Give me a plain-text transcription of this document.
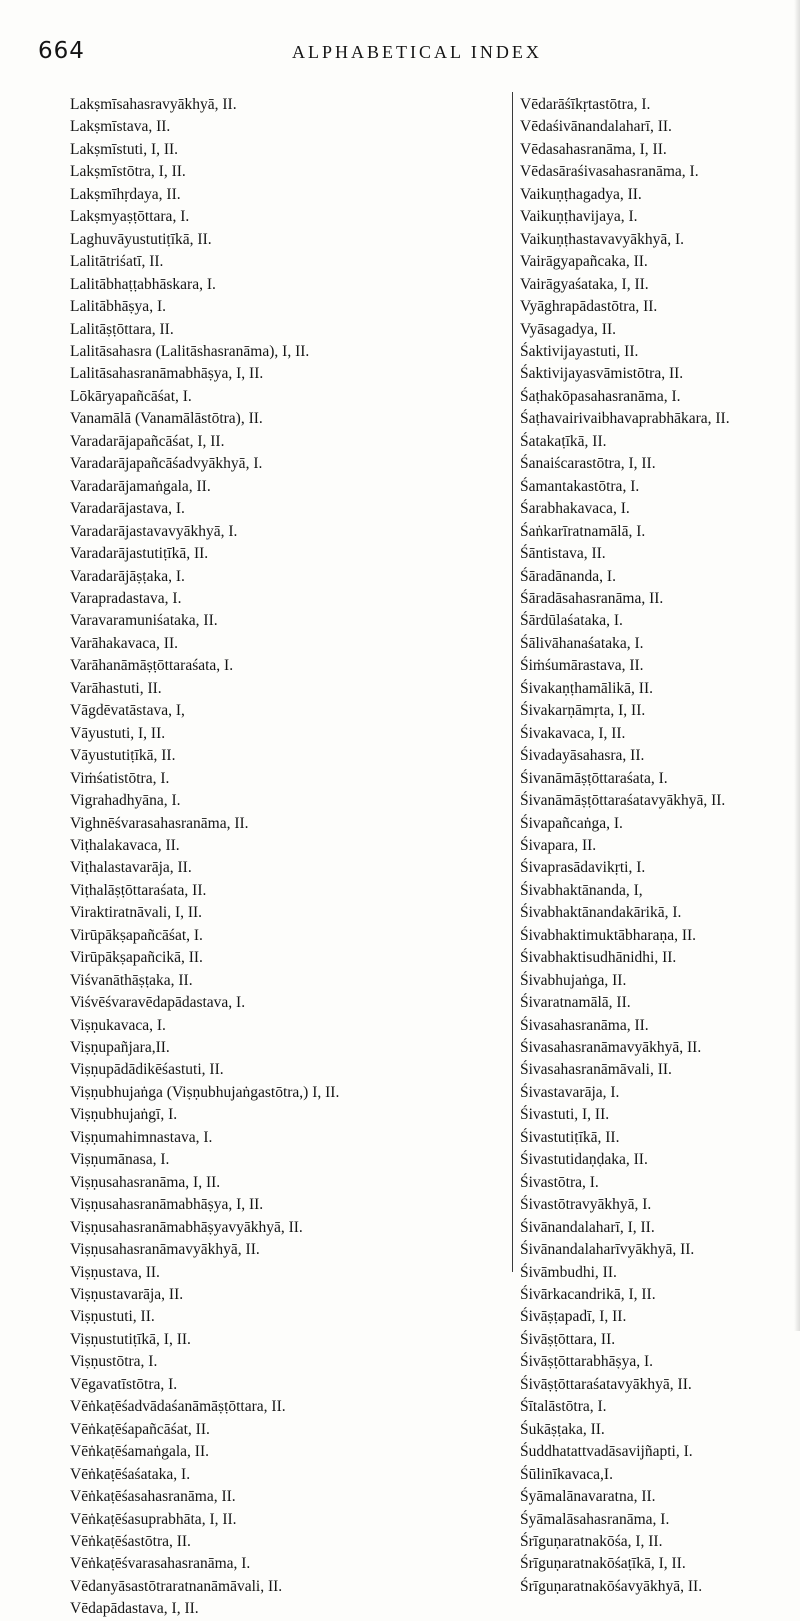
664	ALPHABETICAL INDEX
Lakṣmīsahasravyākhyā, II.
Lakṣmīstava, II.
Lakṣmīstuti, I, II.
Lakṣmīstōtra, I, II.
Lakṣmīhṛdaya, II.
Lakṣmyaṣṭōttara, I.
Laghuvāyustutiṭīkā, II.
Lalitātriśatī, II.
Lalitābhaṭṭabhāskara, I.
Lalitābhāṣya, I.
Lalitāṣṭōttara, II.
Lalitāsahasra (Lalitāshasranāma), I, II.
Lalitāsahasranāmabhāṣya, I, II.
Lōkāryapañcāśat, I.
Vanamālā (Vanamālāstōtra), II.
Varadarājapañcāśat, I, II.
Varadarājapañcāśadvyākhyā, I.
Varadarājamaṅgala, II.
Varadarājastava, I.
Varadarājastavavyākhyā, I.
Varadarājastutiṭīkā, II.
Varadarājāṣṭaka, I.
Varapradastava, I.
Varavaramuniśataka, II.
Varāhakavaca, II.
Varāhanāmāṣṭōttaraśata, I.
Varāhastuti, II.
Vāgdēvatāstava, I,
Vāyustuti, I, II.
Vāyustutiṭīkā, II.
Viṁśatistōtra, I.
Vigrahadhyāna, I.
Vighnēśvarasahasranāma, II.
Viṭhalakavaca, II.
Viṭhalastavarāja, II.
Viṭhalāṣṭōttaraśata, II.
Viraktiratnāvali, I, II.
Virūpākṣapañcāśat, I.
Virūpākṣapañcikā, II.
Viśvanāthāṣṭaka, II.
Viśvēśvaravēdapādastava, I.
Viṣṇukavaca, I.
Viṣṇupañjara,II.
Viṣṇupādādikēśastuti, II.
Viṣṇubhujaṅga (Viṣṇubhujaṅgastōtra,) I, II.
Viṣṇubhujaṅgī, I.
Viṣṇumahimnastava, I.
Viṣṇumānasa, I.
Viṣṇusahasranāma, I, II.
Viṣṇusahasranāmabhāṣya, I, II.
Viṣṇusahasranāmabhāṣyavyākhyā, II.
Viṣṇusahasranāmavyākhyā, II.
Viṣṇustava, II.
Viṣṇustavarāja, II.
Viṣṇustuti, II.
Viṣṇustutiṭīkā, I, II.
Viṣṇustōtra, I.
Vēgavatīstōtra, I.
Vēṅkaṭēśadvādaśanāmāṣṭōttara, II.
Vēṅkaṭēśapañcāśat, II.
Vēṅkaṭēśamaṅgala, II.
Vēṅkaṭēśaśataka, I.
Vēṅkaṭēśasahasranāma, II.
Vēṅkaṭēśasuprabhāta, I, II.
Vēṅkaṭēśastōtra, II.
Vēṅkaṭēśvarasahasranāma, I.
Vēdanyāsastōtraratnanāmāvali, II.
Vēdapādastava, I, II.
Vēdarāśīkṛtastōtra, I.
Vēdaśivānandalaharī, II.
Vēdasahasranāma, I, II.
Vēdasāraśivasahasranāma, I.
Vaikuṇṭhagadya, II.
Vaikuṇṭhavijaya, I.
Vaikuṇṭhastavavyākhyā, I.
Vairāgyapañcaka, II.
Vairāgyaśataka, I, II.
Vyāghrapādastōtra, II.
Vyāsagadya, II.
Śaktivijayastuti, II.
Śaktivijayasvāmistōtra, II.
Śaṭhakōpasahasranāma, I.
Śaṭhavairivaibhavaprabhākara, II.
Śatakaṭīkā, II.
Śanaiścarastōtra, I, II.
Śamantakastōtra, I.
Śarabhakavaca, I.
Śaṅkarīratnamālā, I.
Śāntistava, II.
Śāradānanda, I.
Śāradāsahasranāma, II.
Śārdūlaśataka, I.
Śālivāhanaśataka, I.
Śiṁśumārastava, II.
Śivakaṇṭhamālikā, II.
Śivakarṇāmṛta, I, II.
Śivakavaca, I, II.
Śivadayāsahasra, II.
Śivanāmāṣṭōttaraśata, I.
Śivanāmāṣṭōttaraśatavyākhyā, II.
Śivapañcaṅga, I.
Śivapara, II.
Śivaprasādavikṛti, I.
Śivabhaktānanda, I,
Śivabhaktānandakārikā, I.
Śivabhaktimuktābharaṇa, II.
Śivabhaktisudhānidhi, II.
Śivabhujaṅga, II.
Śivaratnamālā, II.
Śivasahasranāma, II.
Śivasahasranāmavyākhyā, II.
Śivasahasranāmāvali, II.
Śivastavarāja, I.
Śivastuti, I, II.
Śivastutiṭīkā, II.
Śivastutidaṇḍaka, II.
Śivastōtra, I.
Śivastōtravyākhyā, I.
Śivānandalaharī, I, II.
Śivānandalaharīvyākhyā, II.
Śivāmbudhi, II.
Śivārkacandrikā, I, II.
Śivāṣṭapadī, I, II.
Śivāṣṭōttara, II.
Śivāṣṭōttarabhāṣya, I.
Śivāṣṭōttaraśatavyākhyā, II.
Śītalāstōtra, I.
Śukāṣṭaka, II.
Śuddhatattvadāsavijñapti, I.
Śūlinīkavaca,I.
Śyāmalānavaratna, II.
Śyāmalāsahasranāma, I.
Śrīguṇaratnakōśa, I, II.
Śrīguṇaratnakōśaṭīkā, I, II.
Śrīguṇaratnakōśavyākhyā, II.
